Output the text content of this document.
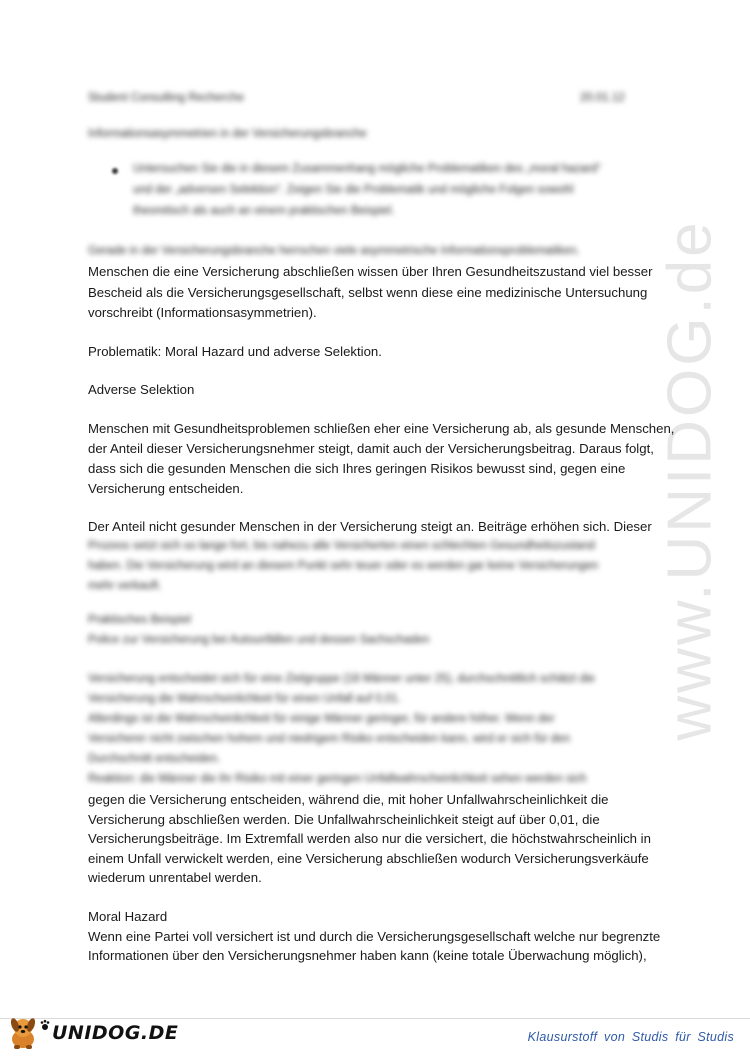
www.UNIDOG.de
Student Consulting Recherche	20.01.12
Informationsasymmetrien in der Versicherungsbranche
Untersuchen Sie die in diesem Zusammenhang mögliche Problematiken des „moral hazard“
und der „adversen Selektion“. Zeigen Sie die Problematik und mögliche Folgen sowohl
theoretisch als auch an einem praktischen Beispiel.
Gerade in der Versicherungsbranche herrschen viele asymmetrische Informationsproblematiken.
Menschen die eine Versicherung abschließen wissen über Ihren Gesundheitszustand viel besser
Bescheid als die Versicherungsgesellschaft, selbst wenn diese eine medizinische Untersuchung
vorschreibt (Informationsasymmetrien).
Problematik: Moral Hazard und adverse Selektion.
Adverse Selektion
Menschen mit Gesundheitsproblemen schließen eher eine Versicherung ab, als gesunde Menschen,
der Anteil dieser Versicherungsnehmer steigt, damit auch der Versicherungsbeitrag. Daraus folgt,
dass sich die gesunden Menschen die sich Ihres geringen Risikos bewusst sind, gegen eine
Versicherung entscheiden.
Der Anteil nicht gesunder Menschen in der Versicherung steigt an. Beiträge erhöhen sich. Dieser
Prozess setzt sich so lange fort, bis nahezu alle Versicherten einen schlechten Gesundheitszustand
haben. Die Versicherung wird an diesem Punkt sehr teuer oder es werden gar keine Versicherungen
mehr verkauft.
Praktisches Beispiel
Police zur Versicherung bei Autounfällen und dessen Sachschaden
Versicherung entscheidet sich für eine Zielgruppe (18 Männer unter 25), durchschnittlich schätzt die
Versicherung die Wahrscheinlichkeit für einen Unfall auf 0,01.
Allerdings ist die Wahrscheinlichkeit für einige Männer geringer, für andere höher. Wenn der
Versicherer nicht zwischen hohem und niedrigem Risiko entscheiden kann, wird er sich für den
Durchschnitt entscheiden.
Reaktion: die Männer die ihr Risiko mit einer geringen Unfallwahrscheinlichkeit sehen werden sich
gegen die Versicherung entscheiden, während die, mit hoher Unfallwahrscheinlichkeit die
Versicherung abschließen werden. Die Unfallwahrscheinlichkeit steigt auf über 0,01, die
Versicherungsbeiträge. Im Extremfall werden also nur die versichert, die höchstwahrscheinlich in
einem Unfall verwickelt werden, eine Versicherung abschließen wodurch Versicherungsverkäufe
wiederum unrentabel werden.
Moral Hazard
Wenn eine Partei voll versichert ist und durch die Versicherungsgesellschaft welche nur begrenzte
Informationen über den Versicherungsnehmer haben kann (keine totale Überwachung möglich),
UNIDOG.DE	Klausurstoff von Studis für Studis
